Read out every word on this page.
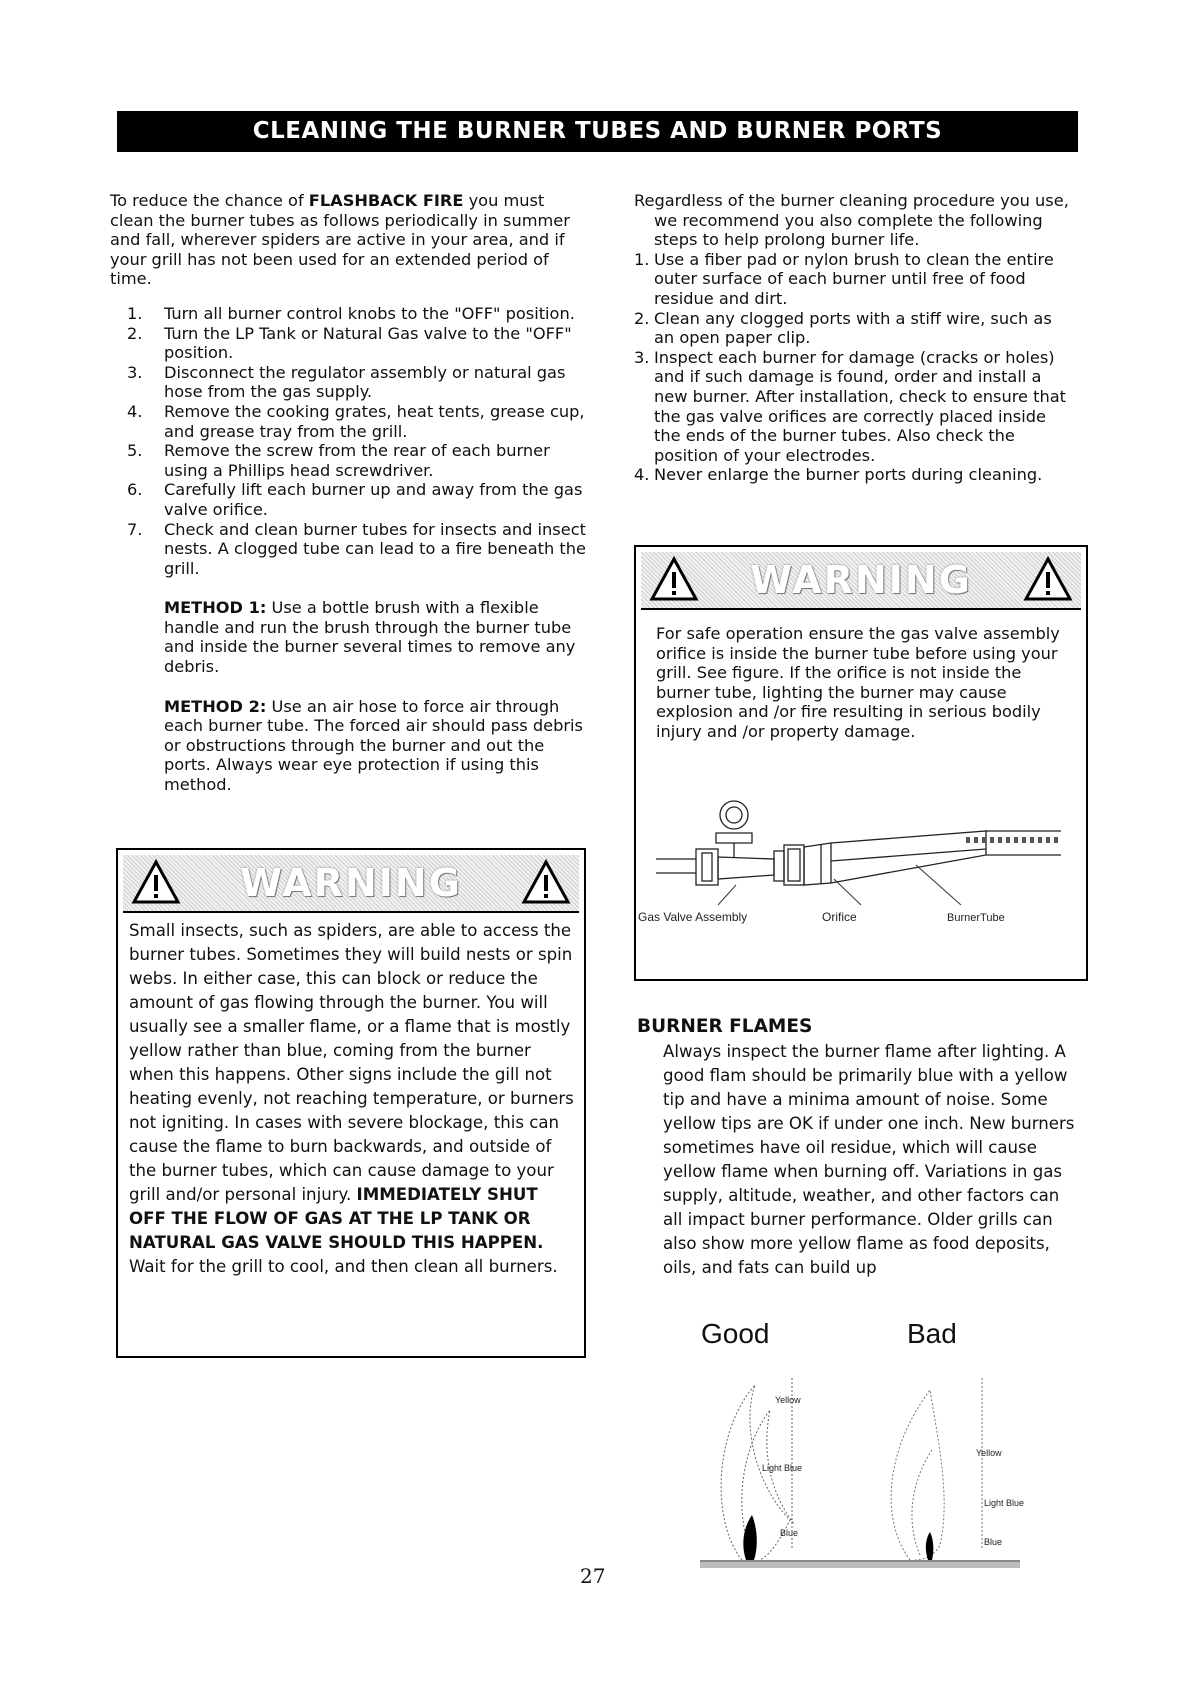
CLEANING THE BURNER TUBES AND BURNER PORTS

To reduce the chance of FLASHBACK FIRE you must clean the burner tubes as follows periodically in summer and fall, wherever spiders are active in your area, and if your grill has not been used for an extended period of time.

1. Turn all burner control knobs to the "OFF" position.
2. Turn the LP Tank or Natural Gas valve to the "OFF" position.
3. Disconnect the regulator assembly or natural gas hose from the gas supply.
4. Remove the cooking grates, heat tents, grease cup, and grease tray from the grill.
5. Remove the screw from the rear of each burner using a Phillips head screwdriver.
6. Carefully lift each burner up and away from the gas valve orifice.
7. Check and clean burner tubes for insects and insect nests. A clogged tube can lead to a fire beneath the grill.

METHOD 1: Use a bottle brush with a flexible handle and run the brush through the burner tube and inside the burner several times to remove any debris.

METHOD 2: Use an air hose to force air through each burner tube. The forced air should pass debris or obstructions through the burner and out the ports. Always wear eye protection if using this method.

WARNING
Small insects, such as spiders, are able to access the burner tubes. Sometimes they will build nests or spin webs. In either case, this can block or reduce the amount of gas flowing through the burner. You will usually see a smaller flame, or a flame that is mostly yellow rather than blue, coming from the burner when this happens. Other signs include the gill not heating evenly, not reaching temperature, or burners not igniting. In cases with severe blockage, this can cause the flame to burn backwards, and outside of the burner tubes, which can cause damage to your grill and/or personal injury. IMMEDIATELY SHUT OFF THE FLOW OF GAS AT THE LP TANK OR NATURAL GAS VALVE SHOULD THIS HAPPEN. Wait for the grill to cool, and then clean all burners.

Regardless of the burner cleaning procedure you use, we recommend you also complete the following steps to help prolong burner life.

1. Use a fiber pad or nylon brush to clean the entire outer surface of each burner until free of food residue and dirt.
2. Clean any clogged ports with a stiff wire, such as an open paper clip.
3. Inspect each burner for damage (cracks or holes) and if such damage is found, order and install a new burner. After installation, check to ensure that the gas valve orifices are correctly placed inside the ends of the burner tubes. Also check the position of your electrodes.
4. Never enlarge the burner ports during cleaning.
WARNING
For safe operation ensure the gas valve assembly orifice is inside the burner tube before using your grill. See figure. If the orifice is not inside the burner tube, lighting the burner may cause explosion and /or fire resulting in serious bodily injury and /or property damage.
Gas Valve Assembly	Orifice	BurnerTube
BURNER FLAMES
Always inspect the burner flame after lighting. A good flam should be primarily blue with a yellow tip and have a minima amount of noise. Some yellow tips are OK if under one inch. New burners sometimes have oil residue, which will cause yellow flame when burning off. Variations in gas supply, altitude, weather, and other factors can all impact burner performance. Older grills can also show more yellow flame as food deposits, oils, and fats can build up
Good	Bad
Yellow
Light Blue
Blue
Yellow
Light Blue
Blue
27
